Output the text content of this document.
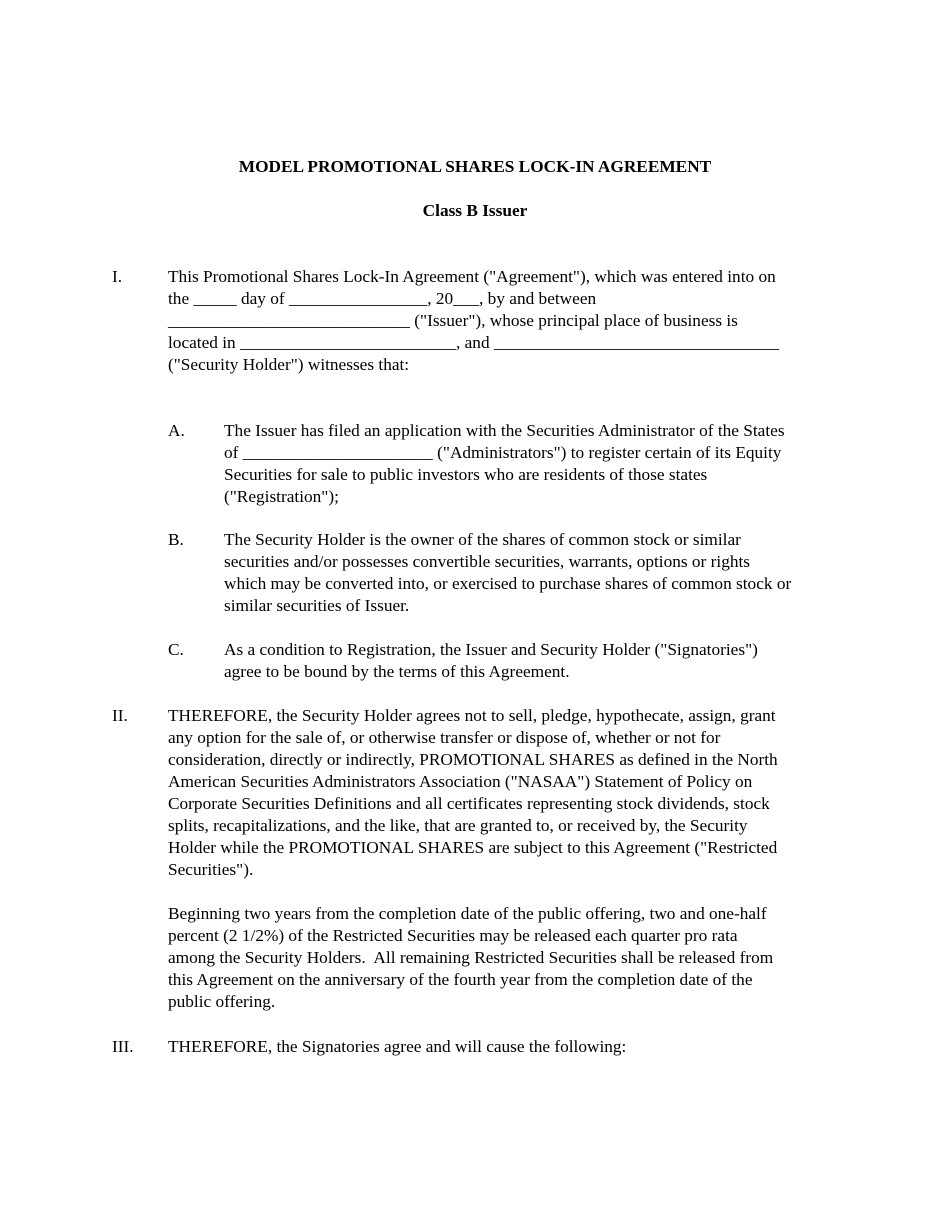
MODEL PROMOTIONAL SHARES LOCK-IN AGREEMENT
Class B Issuer
I.	This Promotional Shares Lock-In Agreement ("Agreement"), which was entered into on
the _____ day of ________________, 20___, by and between
____________________________ ("Issuer"), whose principal place of business is
located in _________________________, and _________________________________
("Security Holder") witnesses that:
A. The Issuer has filed an application with the Securities Administrator of the States
of ______________________ ("Administrators") to register certain of its Equity
Securities for sale to public investors who are residents of those states
("Registration");
B. The Security Holder is the owner of the shares of common stock or similar
securities and/or possesses convertible securities, warrants, options or rights
which may be converted into, or exercised to purchase shares of common stock or
similar securities of Issuer.
C. As a condition to Registration, the Issuer and Security Holder ("Signatories")
agree to be bound by the terms of this Agreement.
II. THEREFORE, the Security Holder agrees not to sell, pledge, hypothecate, assign, grant
any option for the sale of, or otherwise transfer or dispose of, whether or not for
consideration, directly or indirectly, PROMOTIONAL SHARES as defined in the North
American Securities Administrators Association ("NASAA") Statement of Policy on
Corporate Securities Definitions and all certificates representing stock dividends, stock
splits, recapitalizations, and the like, that are granted to, or received by, the Security
Holder while the PROMOTIONAL SHARES are subject to this Agreement ("Restricted
Securities").
Beginning two years from the completion date of the public offering, two and one-half
percent (2 1/2%) of the Restricted Securities may be released each quarter pro rata
among the Security Holders.  All remaining Restricted Securities shall be released from
this Agreement on the anniversary of the fourth year from the completion date of the
public offering.
III. THEREFORE, the Signatories agree and will cause the following:
